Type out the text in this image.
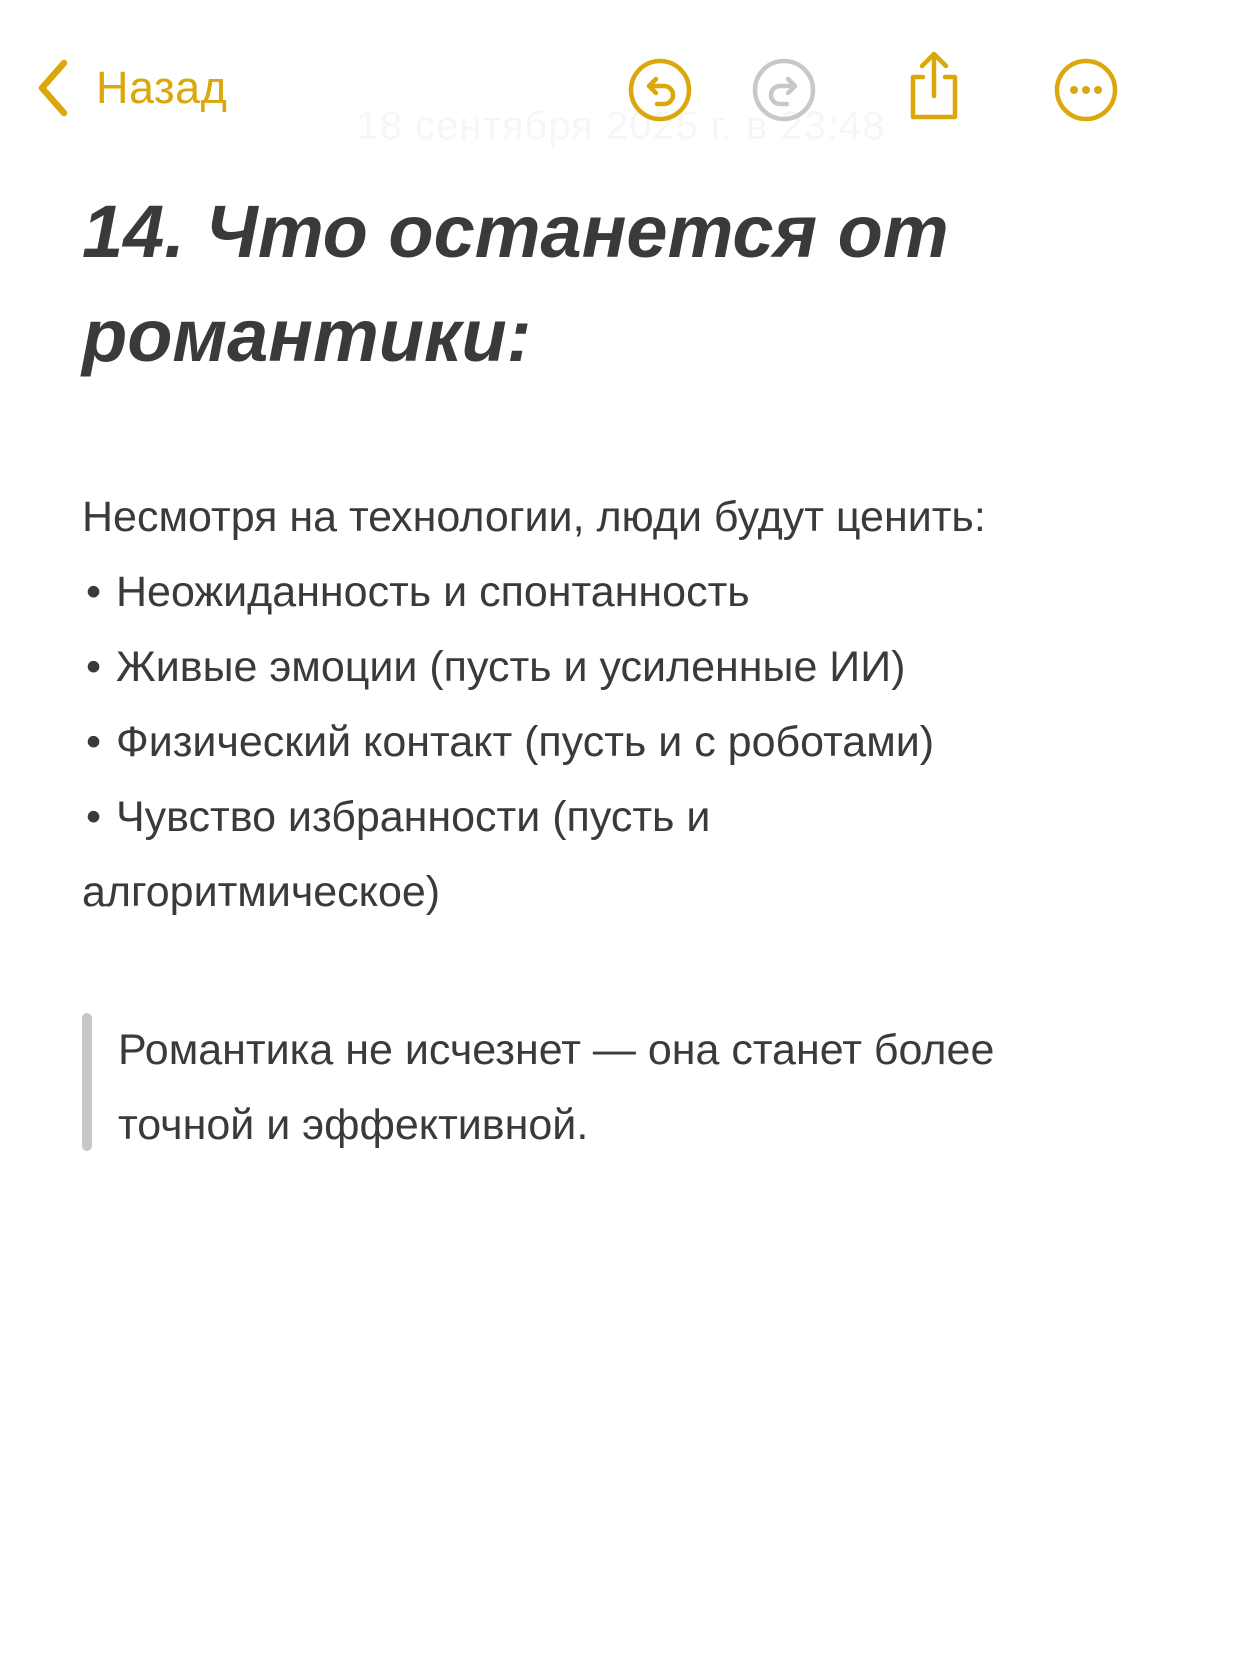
Назад
18 сентября 2025 г. в 23:48
14. Что останется от романтики:

Несмотря на технологии, люди будут ценить:

• Неожиданность и спонтанность
• Живые эмоции (пусть и усиленные ИИ)
• Физический контакт (пусть и с роботами)
• Чувство избранности (пусть и алгоритмическое)
Романтика не исчезнет — она станет более точной и эффективной.
